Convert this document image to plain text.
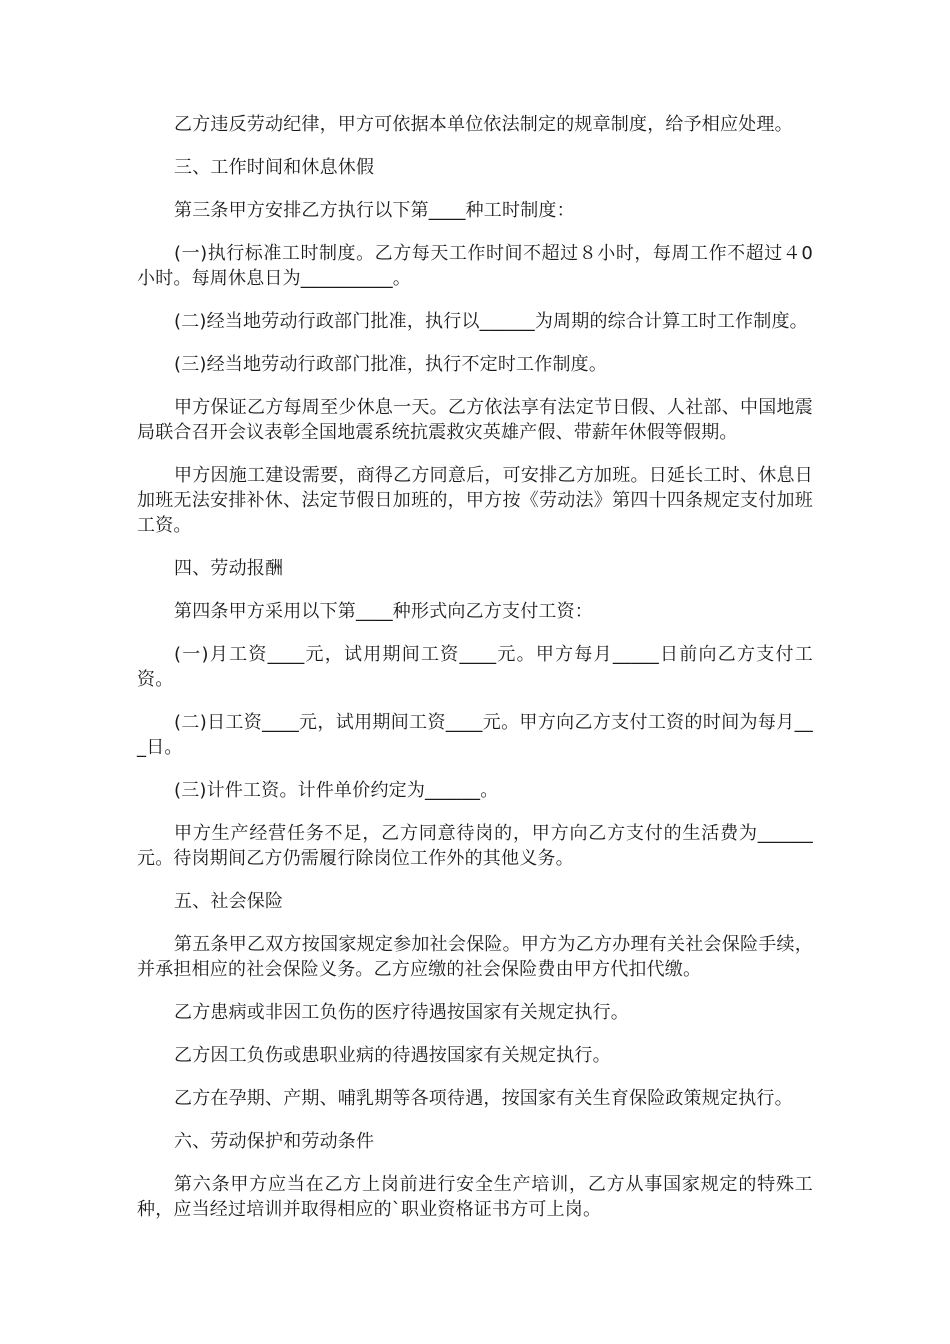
乙方违反劳动纪律，甲方可依据本单位依法制定的规章制度，给予相应处理。

三、工作时间和休息休假

第三条甲方安排乙方执行以下第____种工时制度：

(一)执行标准工时制度。乙方每天工作时间不超过８小时，每周工作不超过４0小时。每周休息日为__________。

(二)经当地劳动行政部门批准，执行以______为周期的综合计算工时工作制度。

(三)经当地劳动行政部门批准，执行不定时工作制度。

甲方保证乙方每周至少休息一天。乙方依法享有法定节日假、人社部、中国地震局联合召开会议表彰全国地震系统抗震救灾英雄产假、带薪年休假等假期。

甲方因施工建设需要，商得乙方同意后，可安排乙方加班。日延长工时、休息日加班无法安排补休、法定节假日加班的，甲方按《劳动法》第四十四条规定支付加班工资。

四、劳动报酬

第四条甲方采用以下第____种形式向乙方支付工资：

(一)月工资____元，试用期间工资____元。甲方每月_____日前向乙方支付工资。

(二)日工资____元，试用期间工资____元。甲方向乙方支付工资的时间为每月___日。

(三)计件工资。计件单价约定为______。

甲方生产经营任务不足，乙方同意待岗的，甲方向乙方支付的生活费为______元。待岗期间乙方仍需履行除岗位工作外的其他义务。

五、社会保险

第五条甲乙双方按国家规定参加社会保险。甲方为乙方办理有关社会保险手续，并承担相应的社会保险义务。乙方应缴的社会保险费由甲方代扣代缴。

乙方患病或非因工负伤的医疗待遇按国家有关规定执行。

乙方因工负伤或患职业病的待遇按国家有关规定执行。

乙方在孕期、产期、哺乳期等各项待遇，按国家有关生育保险政策规定执行。

六、劳动保护和劳动条件

第六条甲方应当在乙方上岗前进行安全生产培训，乙方从事国家规定的特殊工种，应当经过培训并取得相应的`职业资格证书方可上岗。
